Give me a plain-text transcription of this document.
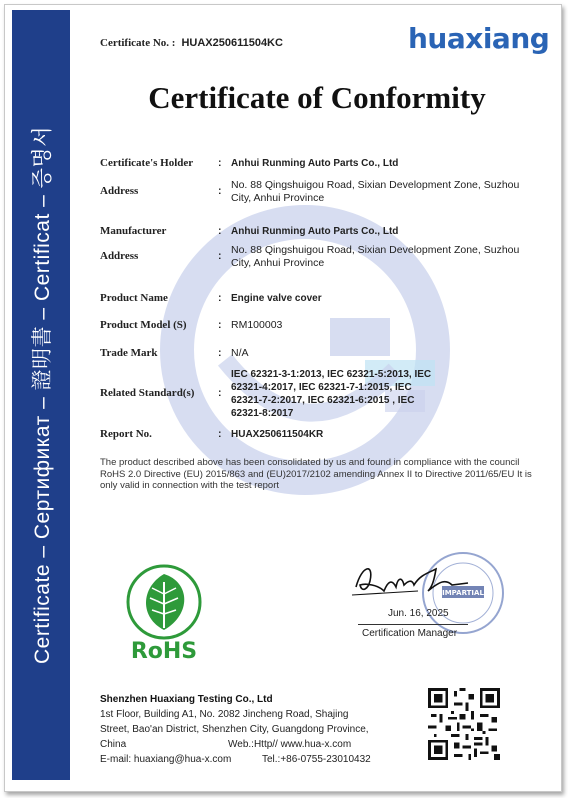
Certificate – Сертификат – 證明書 – Certificat – 증명서
Certificate No. : HUAX250611504KC	huaxiang
Certificate of Conformity
Certificate's Holder	: Anhui Runming Auto Parts Co., Ltd
Address	: No. 88 Qingshuigou Road, Sixian Development Zone, Suzhou City, Anhui Province
Manufacturer	: Anhui Runming Auto Parts Co., Ltd
Address	: No. 88 Qingshuigou Road, Sixian Development Zone, Suzhou City, Anhui Province
Product Name	: Engine valve cover
Product Model (S)	: RM100003
Trade Mark	: N/A
Related Standard(s)	:
IEC 62321-3-1:2013, IEC 62321-5:2013, IEC 62321-4:2017, IEC 62321-7-1:2015, IEC 62321-7-2:2017, IEC 62321-6:2015 , IEC 62321-8:2017
Report No.	: HUAX250611504KR
The product described above has been consolidated by us and found in compliance with the council RoHS 2.0 Directive (EU) 2015/863 and (EU)2017/2102 amending Annex II to Directive 2011/65/EU It is only valid in connection with the test report
RoHS
IMPARTIAL
Jun. 16, 2025
Certification Manager
Shenzhen Huaxiang Testing Co., Ltd
1st Floor, Building A1, No. 2082 Jincheng Road, Shajing
Street, Bao'an District, Shenzhen City, Guangdong Province,
China	Web.:Http// www.hua-x.com
E-mail: huaxiang@hua-x.com	Tel.:+86-0755-23010432
